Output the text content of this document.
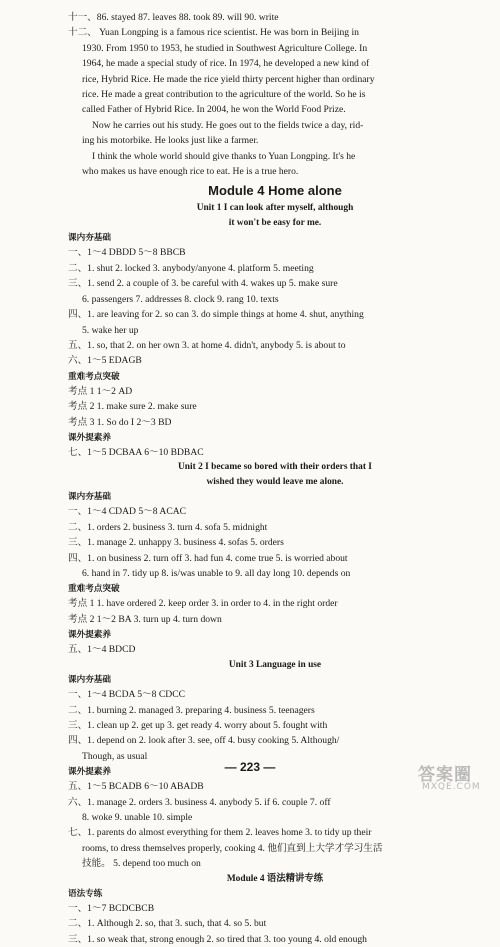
十一、86. stayed 87. leaves 88. took 89. will 90. write
十二、 Yuan Longping is a famous rice scientist. He was born in Beijing in
1930. From 1950 to 1953, he studied in Southwest Agriculture College. In
1964, he made a special study of rice. In 1974, he developed a new kind of
rice, Hybrid Rice. He made the rice yield thirty percent higher than ordinary
rice. He made a great contribution to the agriculture of the world. So he is
called Father of Hybrid Rice. In 2004, he won the World Food Prize.
Now he carries out his study. He goes out to the fields twice a day, rid-
ing his motorbike. He looks just like a farmer.
I think the whole world should give thanks to Yuan Longping. It's he
who makes us have enough rice to eat. He is a true hero.
Module 4 Home alone
Unit 1 I can look after myself, although
it won't be easy for me.
课内夯基础
一、1～4 DBDD 5～8 BBCB
二、1. shut 2. locked 3. anybody/anyone 4. platform 5. meeting
三、1. send 2. a couple of 3. be careful with 4. wakes up 5. make sure
6. passengers 7. addresses 8. clock 9. rang 10. texts
四、1. are leaving for 2. so can 3. do simple things at home 4. shut, anything
5. wake her up
五、1. so, that 2. on her own 3. at home 4. didn't, anybody 5. is about to
六、1～5 EDAGB
重难考点突破
考点 1 1～2 AD
考点 2 1. make sure 2. make sure
考点 3 1. So do I 2～3 BD
课外提素养
七、1～5 DCBAA 6～10 BDBAC
Unit 2 I became so bored with their orders that I
wished they would leave me alone.
课内夯基础
一、1～4 CDAD 5～8 ACAC
二、1. orders 2. business 3. turn 4. sofa 5. midnight
三、1. manage 2. unhappy 3. business 4. sofas 5. orders
四、1. on business 2. turn off 3. had fun 4. come true 5. is worried about
6. hand in 7. tidy up 8. is/was unable to 9. all day long 10. depends on
重难考点突破
考点 1 1. have ordered 2. keep order 3. in order to 4. in the right order
考点 2 1～2 BA 3. turn up 4. turn down
课外提素养
五、1～4 BDCD
Unit 3 Language in use
课内夯基础
一、1～4 BCDA 5～8 CDCC
二、1. burning 2. managed 3. preparing 4. business 5. teenagers
三、1. clean up 2. get up 3. get ready 4. worry about 5. fought with
四、1. depend on 2. look after 3. see, off 4. busy cooking 5. Although/
Though, as usual
课外提素养
五、1～5 BCADB 6～10 ABADB
六、1. manage 2. orders 3. business 4. anybody 5. if 6. couple 7. off
8. woke 9. unable 10. simple
七、1. parents do almost everything for them 2. leaves home 3. to tidy up their
rooms, to dress themselves properly, cooking 4. 他们直到上大学才学习生活
技能。 5. depend too much on
Module 4 语法精讲专练
语法专练
一、1～7 BCDCBCB
二、1. Although 2. so, that 3. such, that 4. so 5. but
三、1. so weak that, strong enough 2. so tired that 3. too young 4. old enough
— 223 —	答案圈
MXQE.COM
